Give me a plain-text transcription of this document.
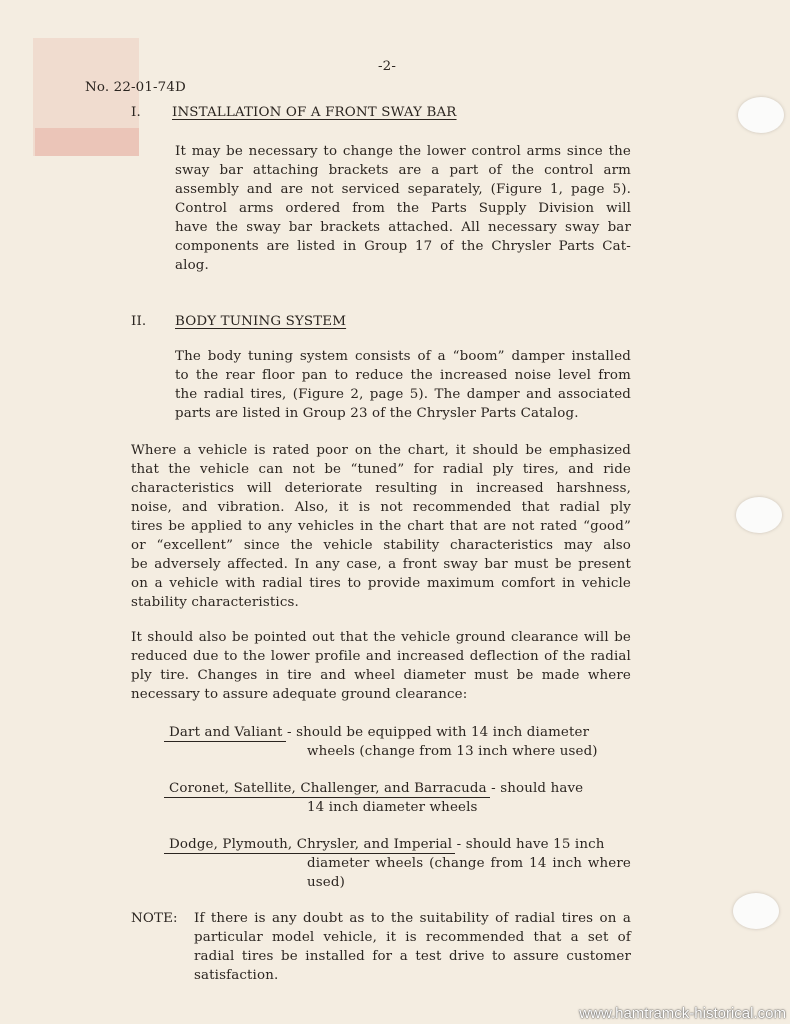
-2-
No. 22-01-74D
I. INSTALLATION OF A FRONT SWAY BAR
It may be necessary to change the lower control arms since the
sway bar attaching brackets are a part of the control arm
assembly and are not serviced separately, (Figure 1, page 5).
Control arms ordered from the Parts Supply Division will
have the sway bar brackets attached. All necessary sway bar
components are listed in Group 17 of the Chrysler Parts Cat-
alog.
II. BODY TUNING SYSTEM
The body tuning system consists of a “boom” damper installed
to the rear floor pan to reduce the increased noise level from
the radial tires, (Figure 2, page 5). The damper and associated
parts are listed in Group 23 of the Chrysler Parts Catalog.
Where a vehicle is rated poor on the chart, it should be emphasized
that the vehicle can not be “tuned” for radial ply tires, and ride
characteristics will deteriorate resulting in increased harshness,
noise, and vibration. Also, it is not recommended that radial ply
tires be applied to any vehicles in the chart that are not rated “good”
or “excellent” since the vehicle stability characteristics may also
be adversely affected. In any case, a front sway bar must be present
on a vehicle with radial tires to provide maximum comfort in vehicle
stability characteristics.
It should also be pointed out that the vehicle ground clearance will be
reduced due to the lower profile and increased deflection of the radial
ply tire. Changes in tire and wheel diameter must be made where
necessary to assure adequate ground clearance:
Dart and Valiant - should be equipped with 14 inch diameter
wheels (change from 13 inch where used)
Coronet, Satellite, Challenger, and Barracuda - should have
14 inch diameter wheels
Dodge, Plymouth, Chrysler, and Imperial - should have 15 inch
diameter wheels (change from 14 inch where
used)
NOTE: If there is any doubt as to the suitability of radial tires on a
particular model vehicle, it is recommended that a set of
radial tires be installed for a test drive to assure customer
satisfaction.
www.hamtramck-historical.com
